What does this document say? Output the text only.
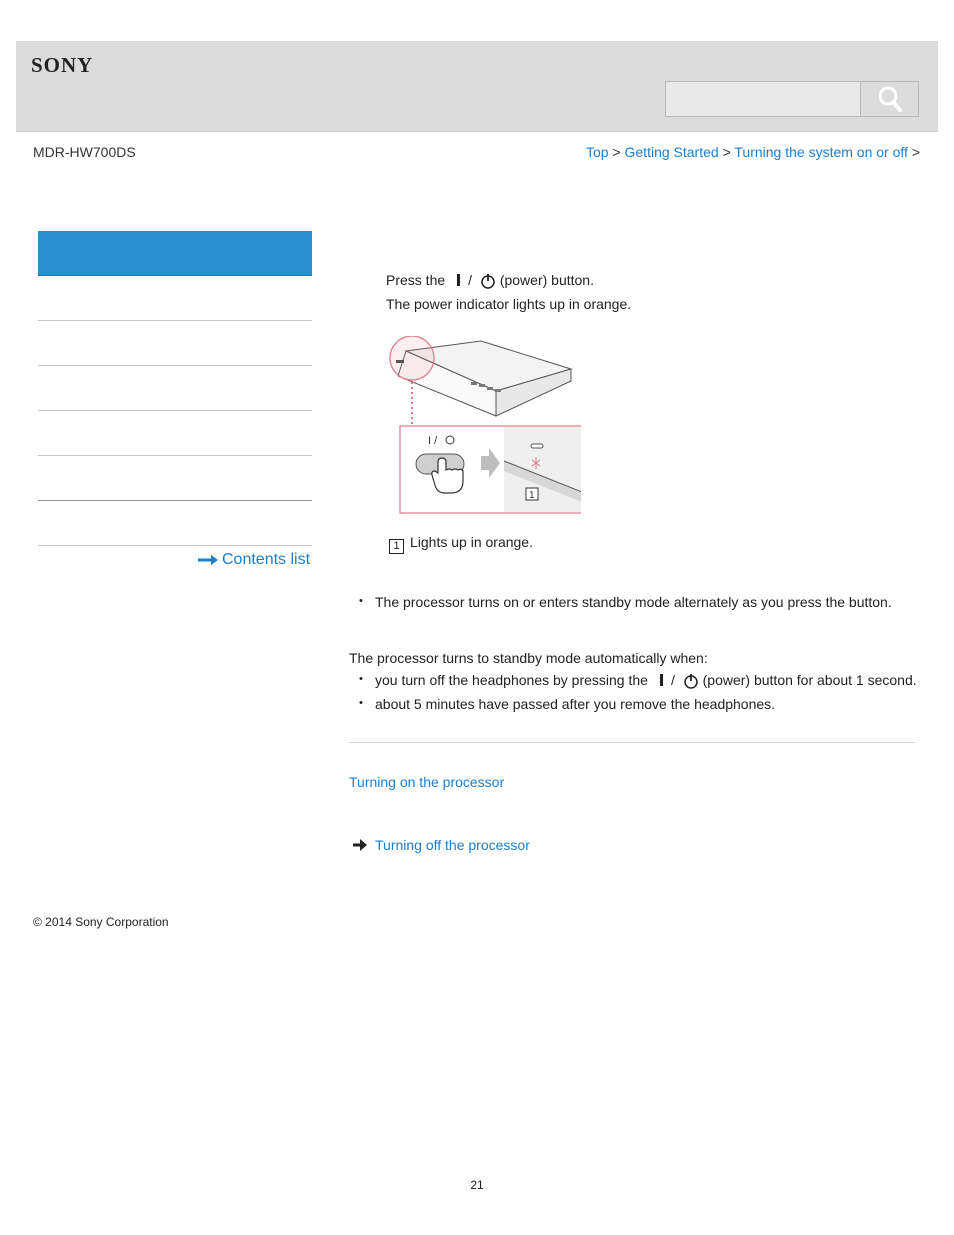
SONY
MDR-HW700DS	Top > Getting Started > Turning the system on or off >
Contents list
Press the / (power) button.
The power indicator lights up in orange.
I /
1
1 Lights up in orange.
• The processor turns on or enters standby mode alternately as you press the button.
The processor turns to standby mode automatically when:
• you turn off the headphones by pressing the / (power) button for about 1 second.
• about 5 minutes have passed after you remove the headphones.
Turning on the processor
Turning off the processor
© 2014 Sony Corporation
21
